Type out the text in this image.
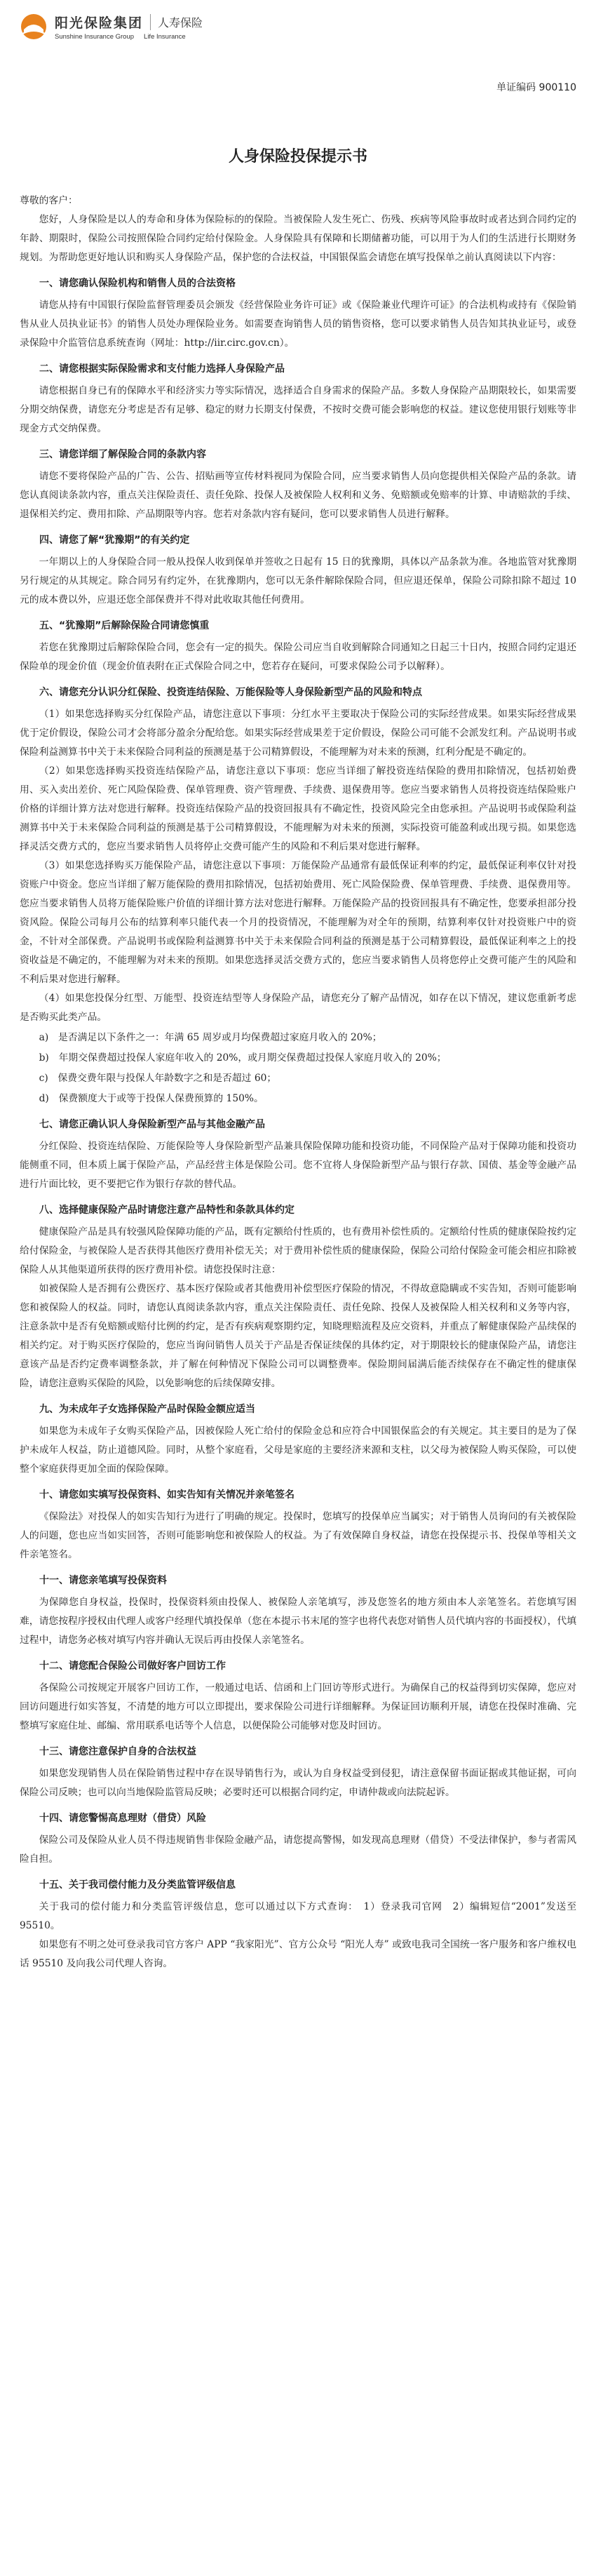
阳光保险集团	人寿保险
Sunshine Insurance Group Life Insurance
单证编码 900110
人身保险投保提示书

尊敬的客户：

您好，人身保险是以人的寿命和身体为保险标的的保险。当被保险人发生死亡、伤残、疾病等风险事故时或者达到合同约定的年龄、期限时，保险公司按照保险合同约定给付保险金。人身保险具有保障和长期储蓄功能，可以用于为人们的生活进行长期财务规划。为帮助您更好地认识和购买人身保险产品，保护您的合法权益，中国银保监会请您在填写投保单之前认真阅读以下内容：

一、请您确认保险机构和销售人员的合法资格

请您从持有中国银行保险监督管理委员会颁发《经营保险业务许可证》或《保险兼业代理许可证》的合法机构或持有《保险销售从业人员执业证书》的销售人员处办理保险业务。如需要查询销售人员的销售资格，您可以要求销售人员告知其执业证号，或登录保险中介监管信息系统查询（网址：http://iir.circ.gov.cn）。

二、请您根据实际保险需求和支付能力选择人身保险产品

请您根据自身已有的保障水平和经济实力等实际情况，选择适合自身需求的保险产品。多数人身保险产品期限较长，如果需要分期交纳保费，请您充分考虑是否有足够、稳定的财力长期支付保费，不按时交费可能会影响您的权益。建议您使用银行划账等非现金方式交纳保费。

三、请您详细了解保险合同的条款内容

请您不要将保险产品的广告、公告、招贴画等宣传材料视同为保险合同，应当要求销售人员向您提供相关保险产品的条款。请您认真阅读条款内容，重点关注保险责任、责任免除、投保人及被保险人权利和义务、免赔额或免赔率的计算、申请赔款的手续、退保相关约定、费用扣除、产品期限等内容。您若对条款内容有疑问，您可以要求销售人员进行解释。

四、请您了解“犹豫期”的有关约定

一年期以上的人身保险合同一般从投保人收到保单并签收之日起有 15 日的犹豫期，具体以产品条款为准。各地监管对犹豫期另行规定的从其规定。除合同另有约定外，在犹豫期内，您可以无条件解除保险合同，但应退还保单，保险公司除扣除不超过 10 元的成本费以外，应退还您全部保费并不得对此收取其他任何费用。

五、“犹豫期”后解除保险合同请您慎重

若您在犹豫期过后解除保险合同，您会有一定的损失。保险公司应当自收到解除合同通知之日起三十日内，按照合同约定退还保险单的现金价值（现金价值表附在正式保险合同之中，您若存在疑问，可要求保险公司予以解释）。

六、请您充分认识分红保险、投资连结保险、万能保险等人身保险新型产品的风险和特点

（1）如果您选择购买分红保险产品，请您注意以下事项：分红水平主要取决于保险公司的实际经营成果。如果实际经营成果优于定价假设，保险公司才会将部分盈余分配给您。如果实际经营成果差于定价假设，保险公司可能不会派发红利。产品说明书或保险利益测算书中关于未来保险合同利益的预测是基于公司精算假设，不能理解为对未来的预测，红利分配是不确定的。

（2）如果您选择购买投资连结保险产品，请您注意以下事项：您应当详细了解投资连结保险的费用扣除情况，包括初始费用、买入卖出差价、死亡风险保险费、保单管理费、资产管理费、手续费、退保费用等。您应当要求销售人员将投资连结保险账户价格的详细计算方法对您进行解释。投资连结保险产品的投资回报具有不确定性，投资风险完全由您承担。产品说明书或保险利益测算书中关于未来保险合同利益的预测是基于公司精算假设，不能理解为对未来的预测，实际投资可能盈利或出现亏损。如果您选择灵活交费方式的，您应当要求销售人员将停止交费可能产生的风险和不利后果对您进行解释。

（3）如果您选择购买万能保险产品，请您注意以下事项：万能保险产品通常有最低保证利率的约定，最低保证利率仅针对投资账户中资金。您应当详细了解万能保险的费用扣除情况，包括初始费用、死亡风险保险费、保单管理费、手续费、退保费用等。您应当要求销售人员将万能保险账户价值的详细计算方法对您进行解释。万能保险产品的投资回报具有不确定性，您要承担部分投资风险。保险公司每月公布的结算利率只能代表一个月的投资情况，不能理解为对全年的预期，结算利率仅针对投资账户中的资金，不针对全部保费。产品说明书或保险利益测算书中关于未来保险合同利益的预测是基于公司精算假设，最低保证利率之上的投资收益是不确定的，不能理解为对未来的预期。如果您选择灵活交费方式的，您应当要求销售人员将您停止交费可能产生的风险和不利后果对您进行解释。

（4）如果您投保分红型、万能型、投资连结型等人身保险产品，请您充分了解产品情况，如存在以下情况，建议您重新考虑是否购买此类产品。

a)　是否满足以下条件之一：年满 65 周岁或月均保费超过家庭月收入的 20%；
b)　年期交保费超过投保人家庭年收入的 20%，或月期交保费超过投保人家庭月收入的 20%；
c)　保费交费年限与投保人年龄数字之和是否超过 60；
d)　保费额度大于或等于投保人保费预算的 150%。
七、请您正确认识人身保险新型产品与其他金融产品

分红保险、投资连结保险、万能保险等人身保险新型产品兼具保险保障功能和投资功能，不同保险产品对于保障功能和投资功能侧重不同，但本质上属于保险产品，产品经营主体是保险公司。您不宜将人身保险新型产品与银行存款、国债、基金等金融产品进行片面比较，更不要把它作为银行存款的替代品。

八、选择健康保险产品时请您注意产品特性和条款具体约定

健康保险产品是具有较强风险保障功能的产品，既有定额给付性质的，也有费用补偿性质的。定额给付性质的健康保险按约定给付保险金，与被保险人是否获得其他医疗费用补偿无关；对于费用补偿性质的健康保险，保险公司给付保险金可能会相应扣除被保险人从其他渠道所获得的医疗费用补偿。请您投保时注意：

如被保险人是否拥有公费医疗、基本医疗保险或者其他费用补偿型医疗保险的情况，不得故意隐瞒或不实告知，否则可能影响您和被保险人的权益。同时，请您认真阅读条款内容，重点关注保险责任、责任免除、投保人及被保险人相关权利和义务等内容，注意条款中是否有免赔额或赔付比例的约定，是否有疾病观察期约定，知晓理赔流程及应交资料，并重点了解健康保险产品续保的相关约定。对于购买医疗保险的，您应当询问销售人员关于产品是否保证续保的具体约定，对于期限较长的健康保险产品，请您注意该产品是否约定费率调整条款，并了解在何种情况下保险公司可以调整费率。保险期间届满后能否续保存在不确定性的健康保险，请您注意购买保险的风险，以免影响您的后续保障安排。

九、为未成年子女选择保险产品时保险金额应适当

如果您为未成年子女购买保险产品，因被保险人死亡给付的保险金总和应符合中国银保监会的有关规定。其主要目的是为了保护未成年人权益，防止道德风险。同时，从整个家庭看，父母是家庭的主要经济来源和支柱，以父母为被保险人购买保险，可以使整个家庭获得更加全面的保险保障。

十、请您如实填写投保资料、如实告知有关情况并亲笔签名

《保险法》对投保人的如实告知行为进行了明确的规定。投保时，您填写的投保单应当属实；对于销售人员询问的有关被保险人的问题，您也应当如实回答，否则可能影响您和被保险人的权益。为了有效保障自身权益，请您在投保提示书、投保单等相关文件亲笔签名。

十一、请您亲笔填写投保资料

为保障您自身权益，投保时，投保资料须由投保人、被保险人亲笔填写，涉及您签名的地方须由本人亲笔签名。若您填写困难，请您按程序授权由代理人或客户经理代填投保单（您在本提示书末尾的签字也将代表您对销售人员代填内容的书面授权），代填过程中，请您务必核对填写内容并确认无误后再由投保人亲笔签名。

十二、请您配合保险公司做好客户回访工作

各保险公司按规定开展客户回访工作，一般通过电话、信函和上门回访等形式进行。为确保自己的权益得到切实保障，您应对回访问题进行如实答复，不清楚的地方可以立即提出，要求保险公司进行详细解释。为保证回访顺利开展，请您在投保时准确、完整填写家庭住址、邮编、常用联系电话等个人信息，以便保险公司能够对您及时回访。

十三、请您注意保护自身的合法权益

如果您发现销售人员在保险销售过程中存在误导销售行为，或认为自身权益受到侵犯，请注意保留书面证据或其他证据，可向保险公司反映；也可以向当地保险监管局反映；必要时还可以根据合同约定，申请仲裁或向法院起诉。

十四、请您警惕高息理财（借贷）风险

保险公司及保险从业人员不得违规销售非保险金融产品，请您提高警惕，如发现高息理财（借贷）不受法律保护，参与者需风险自担。

十五、关于我司偿付能力及分类监管评级信息

关于我司的偿付能力和分类监管评级信息，您可以通过以下方式查询：　1）登录我司官网　2）编辑短信“2001”发送至 95510。

如果您有不明之处可登录我司官方客户 APP “我家阳光”、官方公众号 “阳光人寿” 或致电我司全国统一客户服务和客户维权电话 95510 及向我公司代理人咨询。
